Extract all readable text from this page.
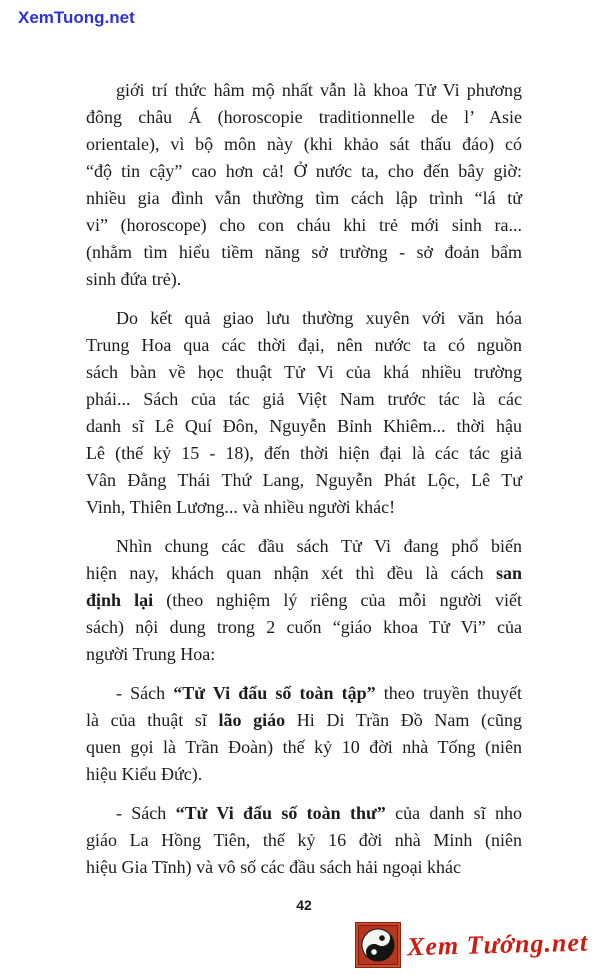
XemTuong.net
giới trí thức hâm mộ nhất vẫn là khoa Tử Vi phương
đông châu Á (horoscopie traditionnelle de l’ Asie
orientale), vì bộ môn này (khi khảo sát thấu đáo) có
“độ tin cậy” cao hơn cả! Ở nước ta, cho đến bây giờ:
nhiều gia đình vẫn thường tìm cách lập trình “lá tử
vi” (horoscope) cho con cháu khi trẻ mới sinh ra...
(nhằm tìm hiểu tiềm năng sở trường - sở đoản bẩm
sinh đứa trẻ).
Do kết quả giao lưu thường xuyên với văn hóa
Trung Hoa qua các thời đại, nên nước ta có nguồn
sách bàn về học thuật Tử Vi của khá nhiều trường
phái... Sách của tác giả Việt Nam trước tác là các
danh sĩ Lê Quí Đôn, Nguyễn Bỉnh Khiêm... thời hậu
Lê (thế kỷ 15 - 18), đến thời hiện đại là các tác giả
Vân Đằng Thái Thứ Lang, Nguyễn Phát Lộc, Lê Tư
Vinh, Thiên Lương... và nhiều người khác!
Nhìn chung các đầu sách Tử Vi đang phổ biến
hiện nay, khách quan nhận xét thì đều là cách san
định lại (theo nghiệm lý riêng của mỗi người viết
sách) nội dung trong 2 cuốn “giáo khoa Tử Vi” của
người Trung Hoa:
- Sách “Tử Vi đẩu số toàn tập” theo truyền thuyết
là của thuật sĩ lão giáo Hi Di Trần Đồ Nam (cũng
quen gọi là Trần Đoàn) thế kỷ 10 đời nhà Tống (niên
hiệu Kiểu Đức).
- Sách “Tử Vi đẩu số toàn thư” của danh sĩ nho
giáo La Hồng Tiên, thế kỷ 16 đời nhà Minh (niên
hiệu Gia Tĩnh) và vô số các đầu sách hải ngoại khác
42
Xem Tướng.net
